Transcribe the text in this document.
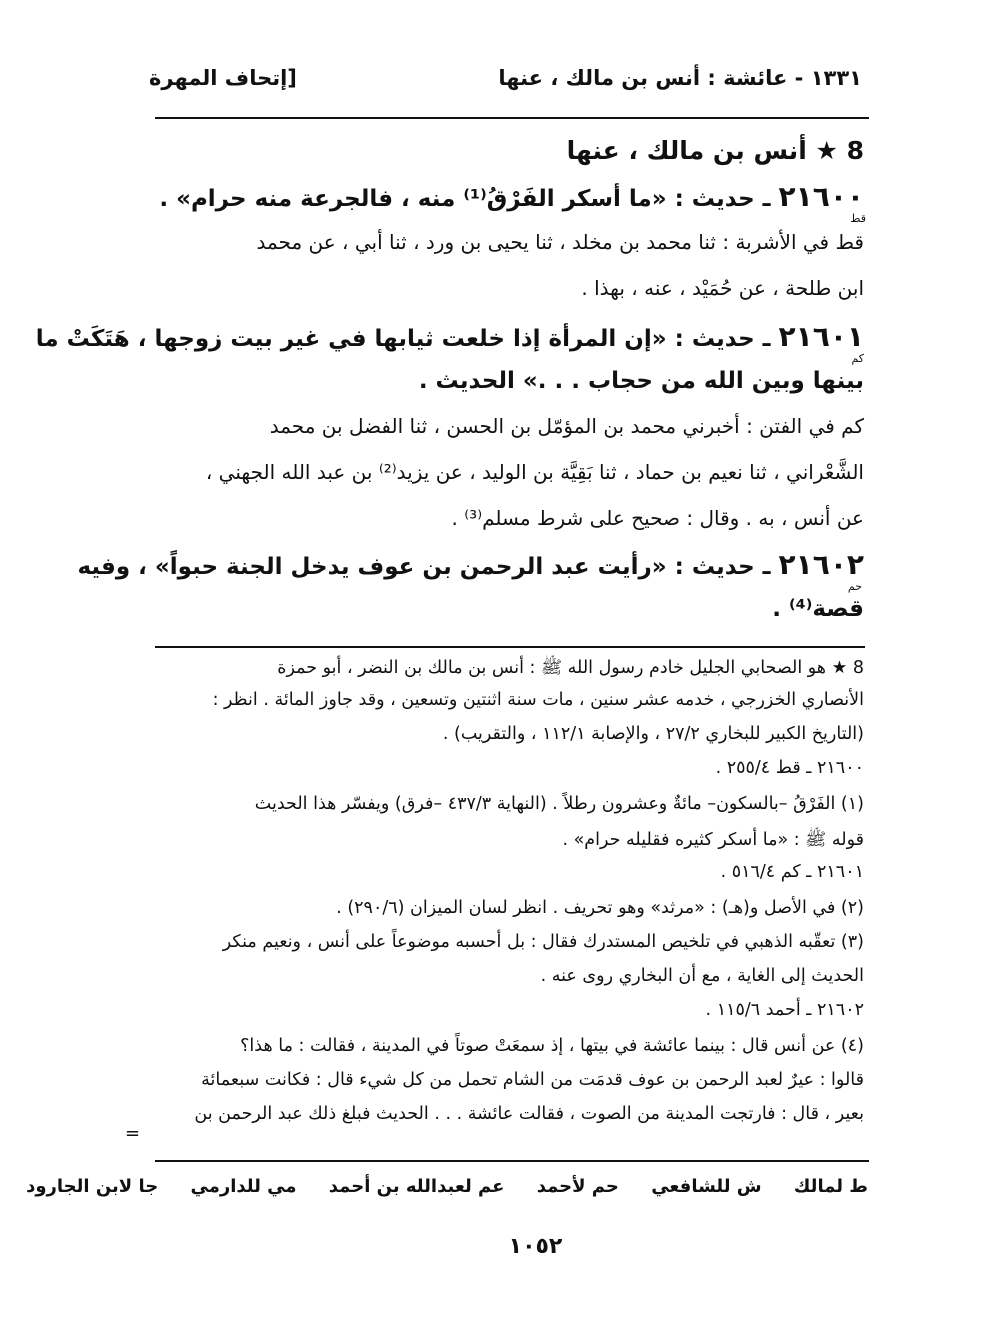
١٣٣١ - عائشة : أنس بن مالك ، عنها
[إتحاف المهرة
8 ★ أنس بن مالك ، عنها
٢١٦٠٠ ـ حديث : «ما أسكر الفَرْقُ⁽¹⁾ منه ، فالجرعة منه حرام» .
قط
قط في الأشربة : ثنا محمد بن مخلد ، ثنا يحيى بن ورد ، ثنا أبي ، عن محمد
ابن طلحة ، عن حُمَيْد ، عنه ، بهذا .
٢١٦٠١ ـ حديث : «إن المرأة إذا خلعت ثيابها في غير بيت زوجها ، هَتَكَتْ ما
كم
بينها وبين الله من حجاب . . .» الحديث .
كم في الفتن : أخبرني محمد بن المؤمّل بن الحسن ، ثنا الفضل بن محمد
الشَّعْراني ، ثنا نعيم بن حماد ، ثنا بَقِيَّة بن الوليد ، عن يزيد⁽²⁾ بن عبد الله الجهني ،
عن أنس ، به . وقال : صحيح على شرط مسلم⁽³⁾ .
٢١٦٠٢ ـ حديث : «رأيت عبد الرحمن بن عوف يدخل الجنة حبواً» ، وفيه
حم
قصة⁽⁴⁾ .
8 ★ هو الصحابي الجليل خادم رسول الله ﷺ : أنس بن مالك بن النضر ، أبو حمزة
الأنصاري الخزرجي ، خدمه عشر سنين ، مات سنة اثنتين وتسعين ، وقد جاوز المائة . انظر :
(التاريخ الكبير للبخاري ٢٧/٢ ، والإصابة ١١٢/١ ، والتقريب) .
٢١٦٠٠ ـ قط ٢٥٥/٤ .
(١) الفَرْقُ –بالسكون– مائةٌ وعشرون رطلاً . (النهاية ٤٣٧/٣ –فرق) ويفسّر هذا الحديث
قوله ﷺ : «ما أسكر كثيره فقليله حرام» .
٢١٦٠١ ـ كم ٥١٦/٤ .
(٢) في الأصل و(هـ) : «مرثد» وهو تحريف . انظر لسان الميزان (٢٩٠/٦) .
(٣) تعقّبه الذهبي في تلخيص المستدرك فقال : بل أحسبه موضوعاً على أنس ، ونعيم منكر
الحديث إلى الغاية ، مع أن البخاري روى عنه .
٢١٦٠٢ ـ أحمد ١١٥/٦ .
(٤) عن أنس قال : بينما عائشة في بيتها ، إذ سمعَتْ صوتاً في المدينة ، فقالت : ما هذا؟
قالوا : عيرٌ لعبد الرحمن بن عوف قدمَت من الشام تحمل من كل شيء قال : فكانت سبعمائة
بعير ، قال : فارتجت المدينة من الصوت ، فقالت عائشة . . . الحديث فبلغ ذلك عبد الرحمن بن
=
ط لمالك ش للشافعي حم لأحمد عم لعبدالله بن أحمد مي للدارمي جا لابن الجارود
١٠٥٢
